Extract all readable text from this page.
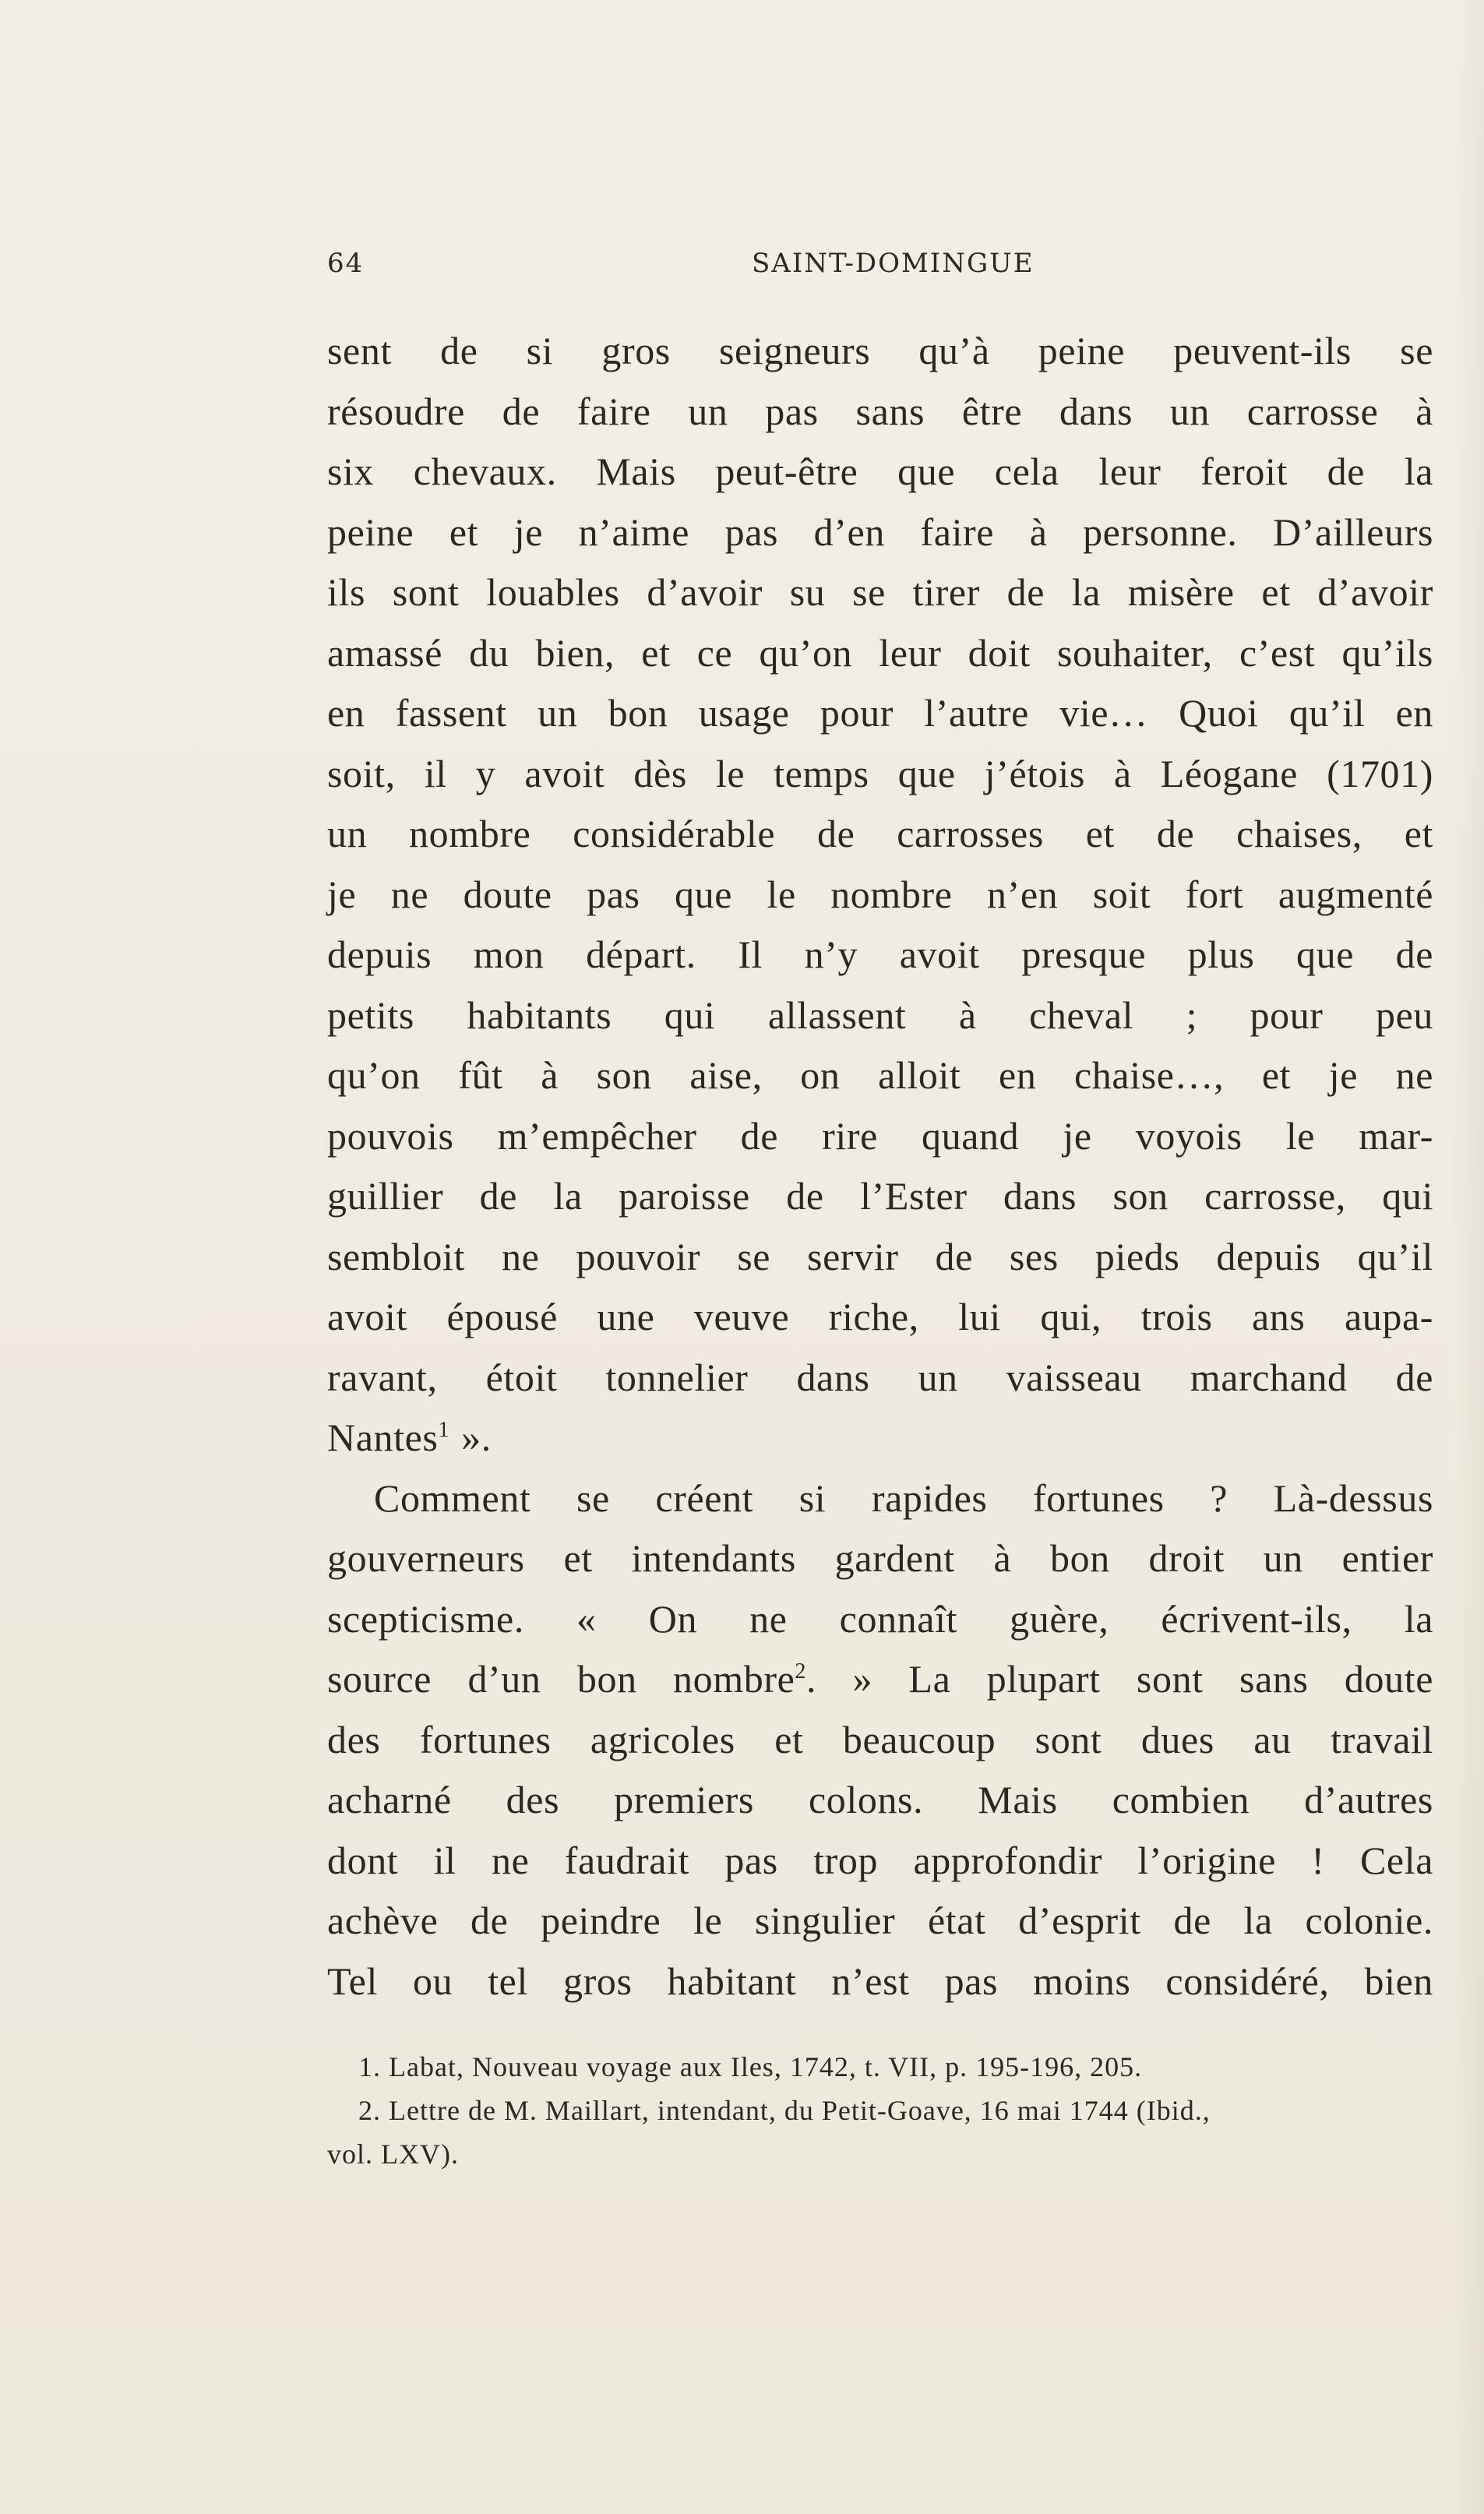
64	SAINT-DOMINGUE
sent de si gros seigneurs qu’à peine peuvent-ils se
résoudre de faire un pas sans être dans un carrosse à
six chevaux. Mais peut-être que cela leur feroit de la
peine et je n’aime pas d’en faire à personne. D’ailleurs
ils sont louables d’avoir su se tirer de la misère et d’avoir
amassé du bien, et ce qu’on leur doit souhaiter, c’est qu’ils
en fassent un bon usage pour l’autre vie… Quoi qu’il en
soit, il y avoit dès le temps que j’étois à Léogane (1701)
un nombre considérable de carrosses et de chaises, et
je ne doute pas que le nombre n’en soit fort augmenté
depuis mon départ. Il n’y avoit presque plus que de
petits habitants qui allassent à cheval ; pour peu
qu’on fût à son aise, on alloit en chaise…, et je ne
pouvois m’empêcher de rire quand je voyois le mar-
guillier de la paroisse de l’Ester dans son carrosse, qui
sembloit ne pouvoir se servir de ses pieds depuis qu’il
avoit épousé une veuve riche, lui qui, trois ans aupa-
ravant, étoit tonnelier dans un vaisseau marchand de
Nantes$^1$ ».
Comment se créent si rapides fortunes ? Là-dessus
gouverneurs et intendants gardent à bon droit un entier
scepticisme. « On ne connaît guère, écrivent-ils, la
source d’un bon nombre$^2$. » La plupart sont sans doute
des fortunes agricoles et beaucoup sont dues au travail
acharné des premiers colons. Mais combien d’autres
dont il ne faudrait pas trop approfondir l’origine ! Cela
achève de peindre le singulier état d’esprit de la colonie.
Tel ou tel gros habitant n’est pas moins considéré, bien
1. Labat, Nouveau voyage aux Iles, 1742, t. VII, p. 195-196, 205.
2. Lettre de M. Maillart, intendant, du Petit-Goave, 16 mai 1744 (Ibid.,
vol. LXV).
